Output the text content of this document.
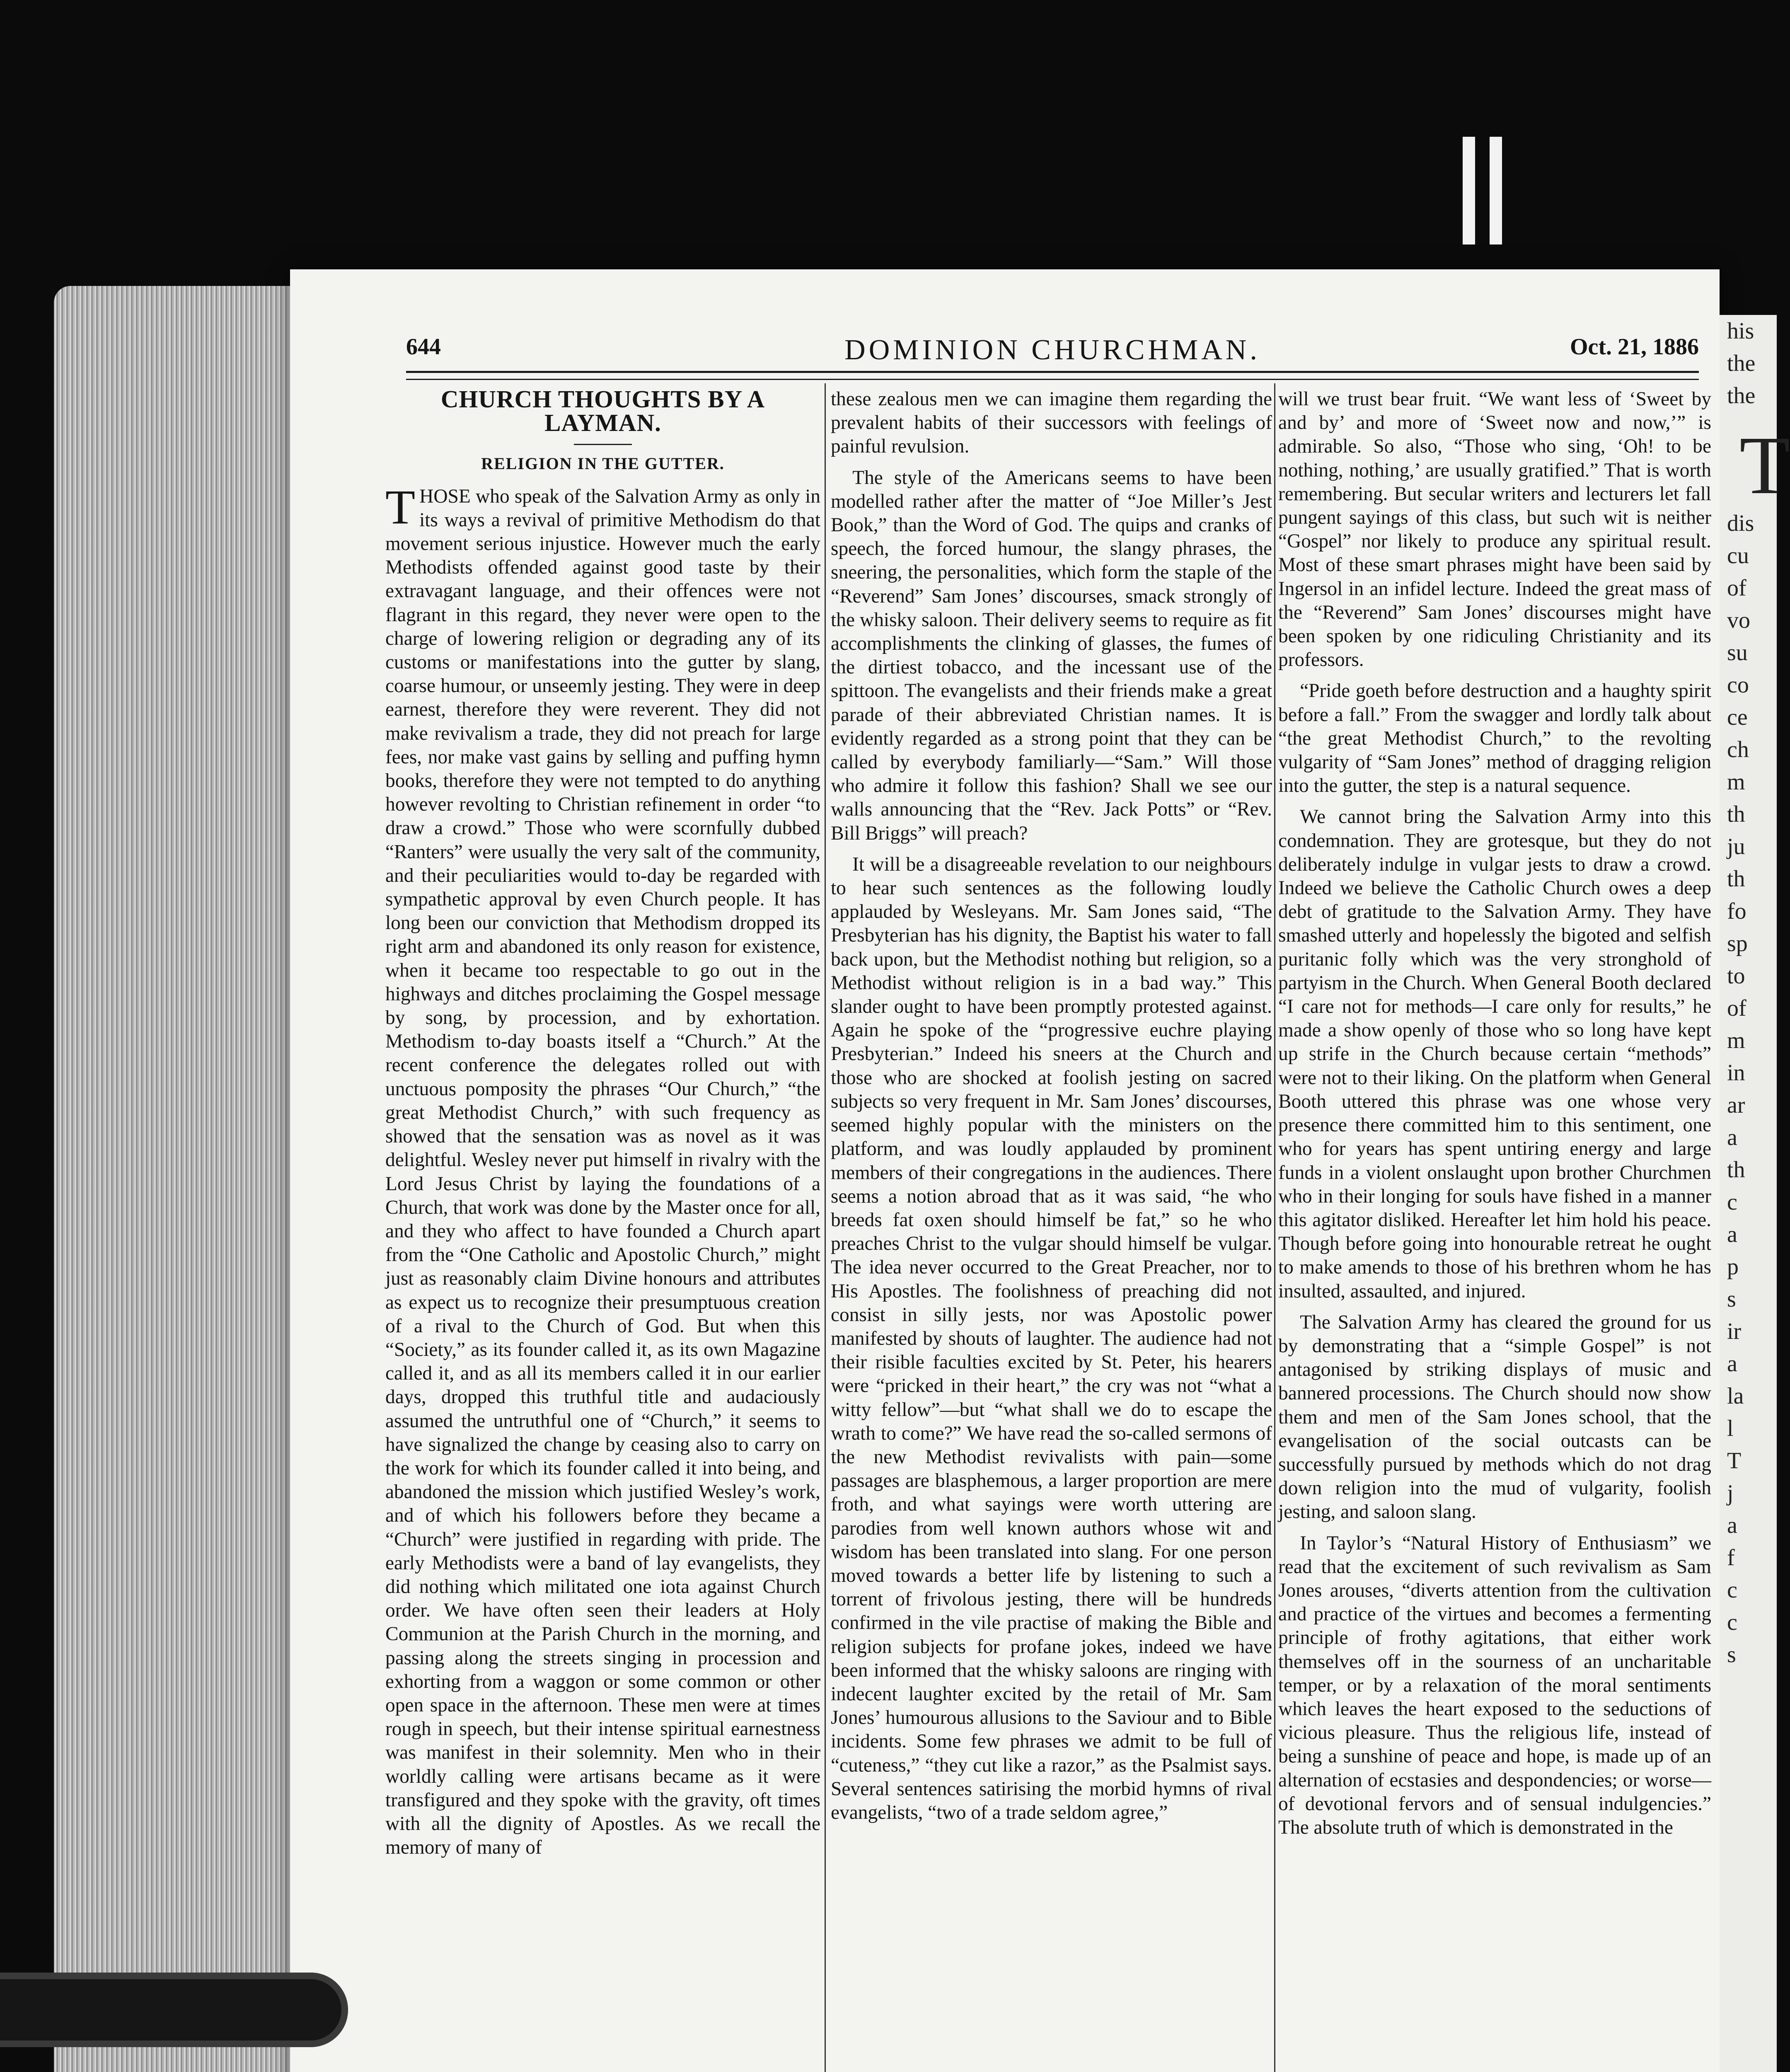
his
the
the
T
dis
cu
of
vo
su
co
ce
ch
m
th
ju
th
fo
sp
to
of
m
in
ar
a
th
c
a
p
s
ir
a
la
l
T
j
a
f
c
c
s
644	DOMINION CHURCHMAN.	Oct. 21, 1886
CHURCH THOUGHTS BY A LAYMAN.
RELIGION IN THE GUTTER.

THOSE who speak of the Salvation Army as only in its ways a revival of primitive Methodism do that movement serious injustice. However much the early Methodists offended against good taste by their extravagant language, and their offences were not flagrant in this regard, they never were open to the charge of lowering religion or degrading any of its customs or manifestations into the gutter by slang, coarse humour, or unseemly jesting. They were in deep earnest, therefore they were reverent. They did not make revivalism a trade, they did not preach for large fees, nor make vast gains by selling and puffing hymn books, therefore they were not tempted to do anything however revolting to Christian refinement in order “to draw a crowd.” Those who were scornfully dubbed “Ranters” were usually the very salt of the community, and their peculiarities would to-day be regarded with sympathetic approval by even Church people. It has long been our conviction that Methodism dropped its right arm and abandoned its only reason for existence, when it became too respectable to go out in the highways and ditches proclaiming the Gospel message by song, by procession, and by exhortation. Methodism to-day boasts itself a “Church.” At the recent conference the delegates rolled out with unctuous pomposity the phrases “Our Church,” “the great Methodist Church,” with such frequency as showed that the sensation was as novel as it was delightful. Wesley never put himself in rivalry with the Lord Jesus Christ by laying the foundations of a Church, that work was done by the Master once for all, and they who affect to have founded a Church apart from the “One Catholic and Apostolic Church,” might just as reasonably claim Divine honours and attributes as expect us to recognize their presumptuous creation of a rival to the Church of God. But when this “Society,” as its founder called it, as its own Magazine called it, and as all its members called it in our earlier days, dropped this truthful title and audaciously assumed the untruthful one of “Church,” it seems to have signalized the change by ceasing also to carry on the work for which its founder called it into being, and abandoned the mission which justified Wesley’s work, and of which his followers before they became a “Church” were justified in regarding with pride. The early Methodists were a band of lay evangelists, they did nothing which militated one iota against Church order. We have often seen their leaders at Holy Communion at the Parish Church in the morning, and passing along the streets singing in procession and exhorting from a waggon or some common or other open space in the afternoon. These men were at times rough in speech, but their intense spiritual earnestness was manifest in their solemnity. Men who in their worldly calling were artisans became as it were transfigured and they spoke with the gravity, oft times with all the dignity of Apostles. As we recall the memory of many of

these zealous men we can imagine them regarding the prevalent habits of their successors with feelings of painful revulsion.

The style of the Americans seems to have been modelled rather after the matter of “Joe Miller’s Jest Book,” than the Word of God. The quips and cranks of speech, the forced humour, the slangy phrases, the sneering, the personalities, which form the staple of the “Reverend” Sam Jones’ discourses, smack strongly of the whisky saloon. Their delivery seems to require as fit accomplishments the clinking of glasses, the fumes of the dirtiest tobacco, and the incessant use of the spittoon. The evangelists and their friends make a great parade of their abbreviated Christian names. It is evidently regarded as a strong point that they can be called by everybody familiarly—“Sam.” Will those who admire it follow this fashion? Shall we see our walls announcing that the “Rev. Jack Potts” or “Rev. Bill Briggs” will preach?

It will be a disagreeable revelation to our neighbours to hear such sentences as the following loudly applauded by Wesleyans. Mr. Sam Jones said, “The Presbyterian has his dignity, the Baptist his water to fall back upon, but the Methodist nothing but religion, so a Methodist without religion is in a bad way.” This slander ought to have been promptly protested against. Again he spoke of the “progressive euchre playing Presbyterian.” Indeed his sneers at the Church and those who are shocked at foolish jesting on sacred subjects so very frequent in Mr. Sam Jones’ discourses, seemed highly popular with the ministers on the platform, and was loudly applauded by prominent members of their congregations in the audiences. There seems a notion abroad that as it was said, “he who breeds fat oxen should himself be fat,” so he who preaches Christ to the vulgar should himself be vulgar. The idea never occurred to the Great Preacher, nor to His Apostles. The foolishness of preaching did not consist in silly jests, nor was Apostolic power manifested by shouts of laughter. The audience had not their risible faculties excited by St. Peter, his hearers were “pricked in their heart,” the cry was not “what a witty fellow”—but “what shall we do to escape the wrath to come?” We have read the so-called sermons of the new Methodist revivalists with pain—some passages are blasphemous, a larger proportion are mere froth, and what sayings were worth uttering are parodies from well known authors whose wit and wisdom has been translated into slang. For one person moved towards a better life by listening to such a torrent of frivolous jesting, there will be hundreds confirmed in the vile practise of making the Bible and religion subjects for profane jokes, indeed we have been informed that the whisky saloons are ringing with indecent laughter excited by the retail of Mr. Sam Jones’ humourous allusions to the Saviour and to Bible incidents. Some few phrases we admit to be full of “cuteness,” “they cut like a razor,” as the Psalmist says. Several sentences satirising the morbid hymns of rival evangelists, “two of a trade seldom agree,”

will we trust bear fruit. “We want less of ‘Sweet by and by’ and more of ‘Sweet now and now,’” is admirable. So also, “Those who sing, ‘Oh! to be nothing, nothing,’ are usually gratified.” That is worth remembering. But secular writers and lecturers let fall pungent sayings of this class, but such wit is neither “Gospel” nor likely to produce any spiritual result. Most of these smart phrases might have been said by Ingersol in an infidel lecture. Indeed the great mass of the “Reverend” Sam Jones’ discourses might have been spoken by one ridiculing Christianity and its professors.

“Pride goeth before destruction and a haughty spirit before a fall.” From the swagger and lordly talk about “the great Methodist Church,” to the revolting vulgarity of “Sam Jones” method of dragging religion into the gutter, the step is a natural sequence.

We cannot bring the Salvation Army into this condemnation. They are grotesque, but they do not deliberately indulge in vulgar jests to draw a crowd. Indeed we believe the Catholic Church owes a deep debt of gratitude to the Salvation Army. They have smashed utterly and hopelessly the bigoted and selfish puritanic folly which was the very stronghold of partyism in the Church. When General Booth declared “I care not for methods—I care only for results,” he made a show openly of those who so long have kept up strife in the Church because certain “methods” were not to their liking. On the platform when General Booth uttered this phrase was one whose very presence there committed him to this sentiment, one who for years has spent untiring energy and large funds in a violent onslaught upon brother Churchmen who in their longing for souls have fished in a manner this agitator disliked. Hereafter let him hold his peace. Though before going into honourable retreat he ought to make amends to those of his brethren whom he has insulted, assaulted, and injured.

The Salvation Army has cleared the ground for us by demonstrating that a “simple Gospel” is not antagonised by striking displays of music and bannered processions. The Church should now show them and men of the Sam Jones school, that the evangelisation of the social outcasts can be successfully pursued by methods which do not drag down religion into the mud of vulgarity, foolish jesting, and saloon slang.

In Taylor’s “Natural History of Enthusiasm” we read that the excitement of such revivalism as Sam Jones arouses, “diverts attention from the cultivation and practice of the virtues and becomes a fermenting principle of frothy agitations, that either work themselves off in the sourness of an uncharitable temper, or by a relaxation of the moral sentiments which leaves the heart exposed to the seductions of vicious pleasure. Thus the religious life, instead of being a sunshine of peace and hope, is made up of an alternation of ecstasies and despondencies; or worse—of devotional fervors and of sensual indulgencies.” The absolute truth of which is demonstrated in the
